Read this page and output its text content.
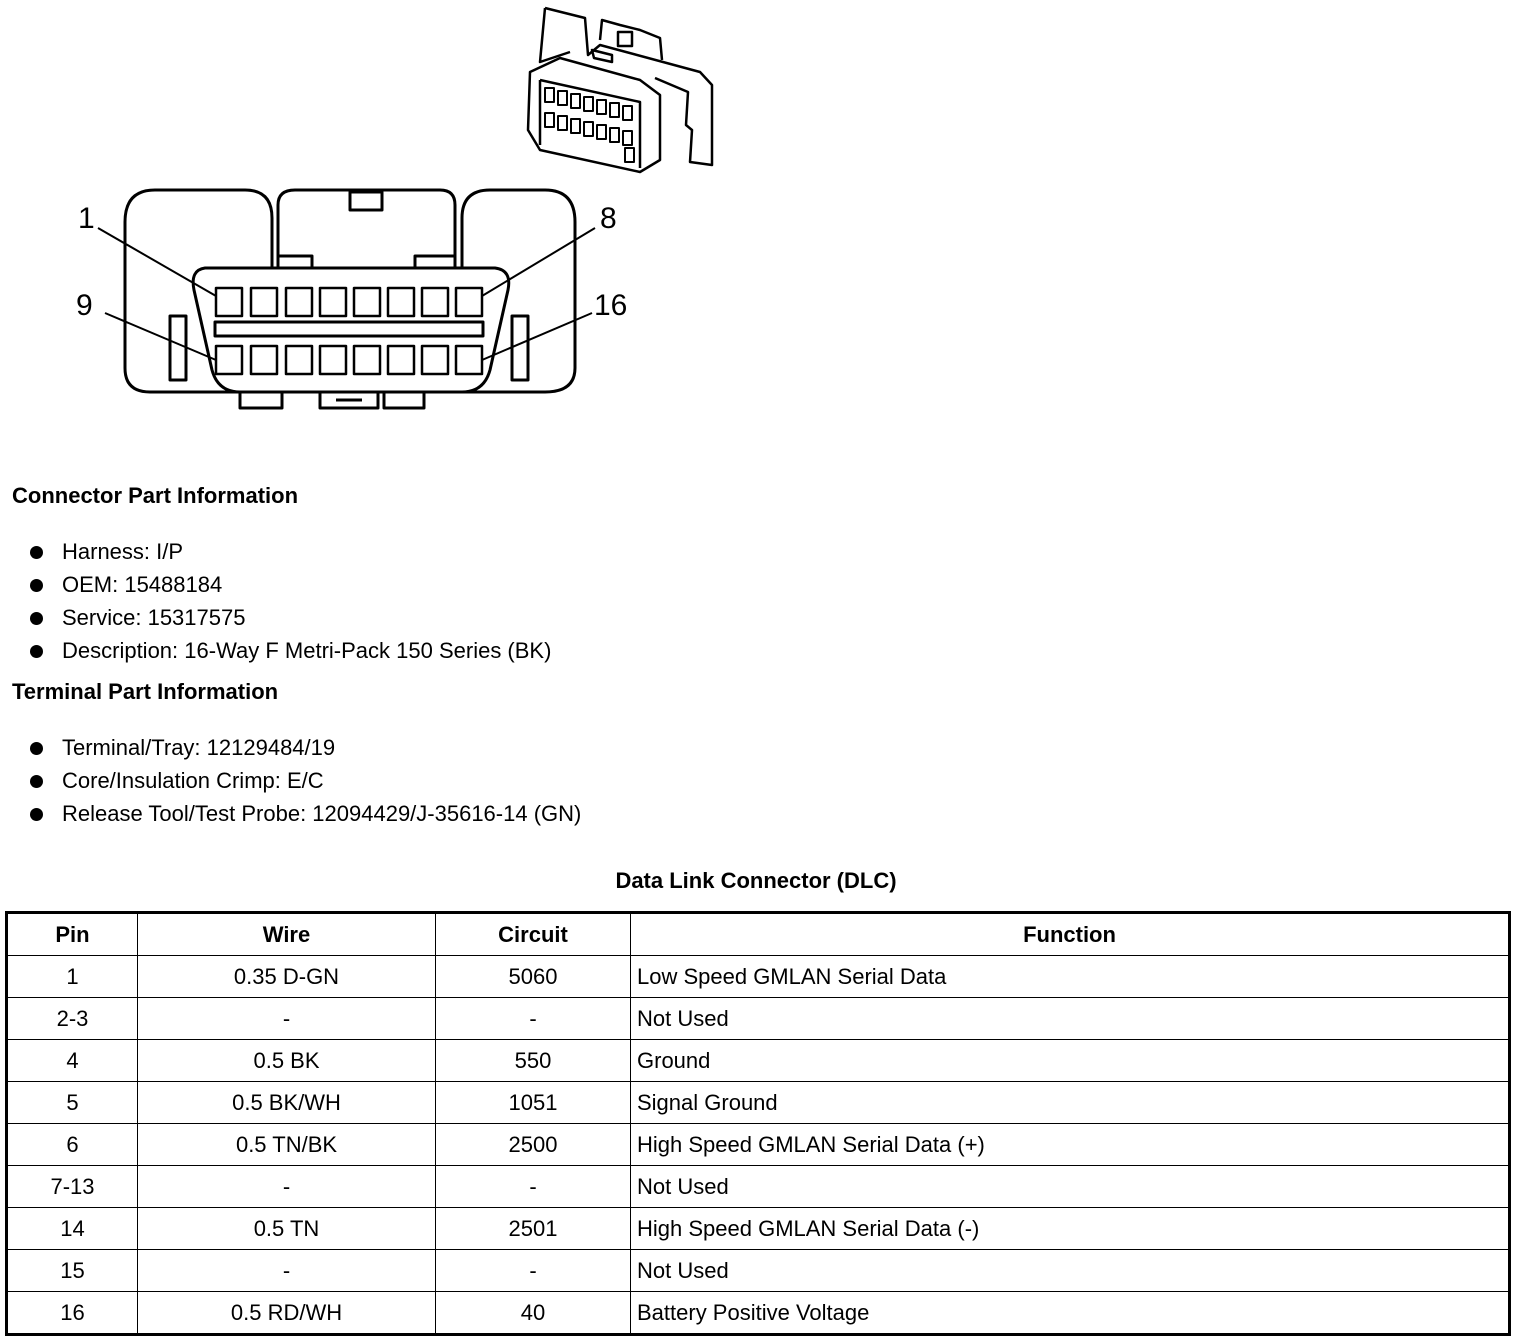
1	8
9	16
Connector Part Information
Harness: I/P
OEM: 15488184
Service: 15317575
Description: 16-Way F Metri-Pack 150 Series (BK)
Terminal Part Information
Terminal/Tray: 12129484/19
Core/Insulation Crimp: E/C
Release Tool/Test Probe: 12094429/J-35616-14 (GN)
Data Link Connector (DLC)
Pin	Wire	Circuit	Function
1	0.35 D-GN	5060	Low Speed GMLAN Serial Data
2-3	-	-	Not Used
4	0.5 BK	550	Ground
5	0.5 BK/WH	1051	Signal Ground
6	0.5 TN/BK	2500	High Speed GMLAN Serial Data (+)
7-13	-	-	Not Used
14	0.5 TN	2501	High Speed GMLAN Serial Data (-)
15	-	-	Not Used
16	0.5 RD/WH	40	Battery Positive Voltage
